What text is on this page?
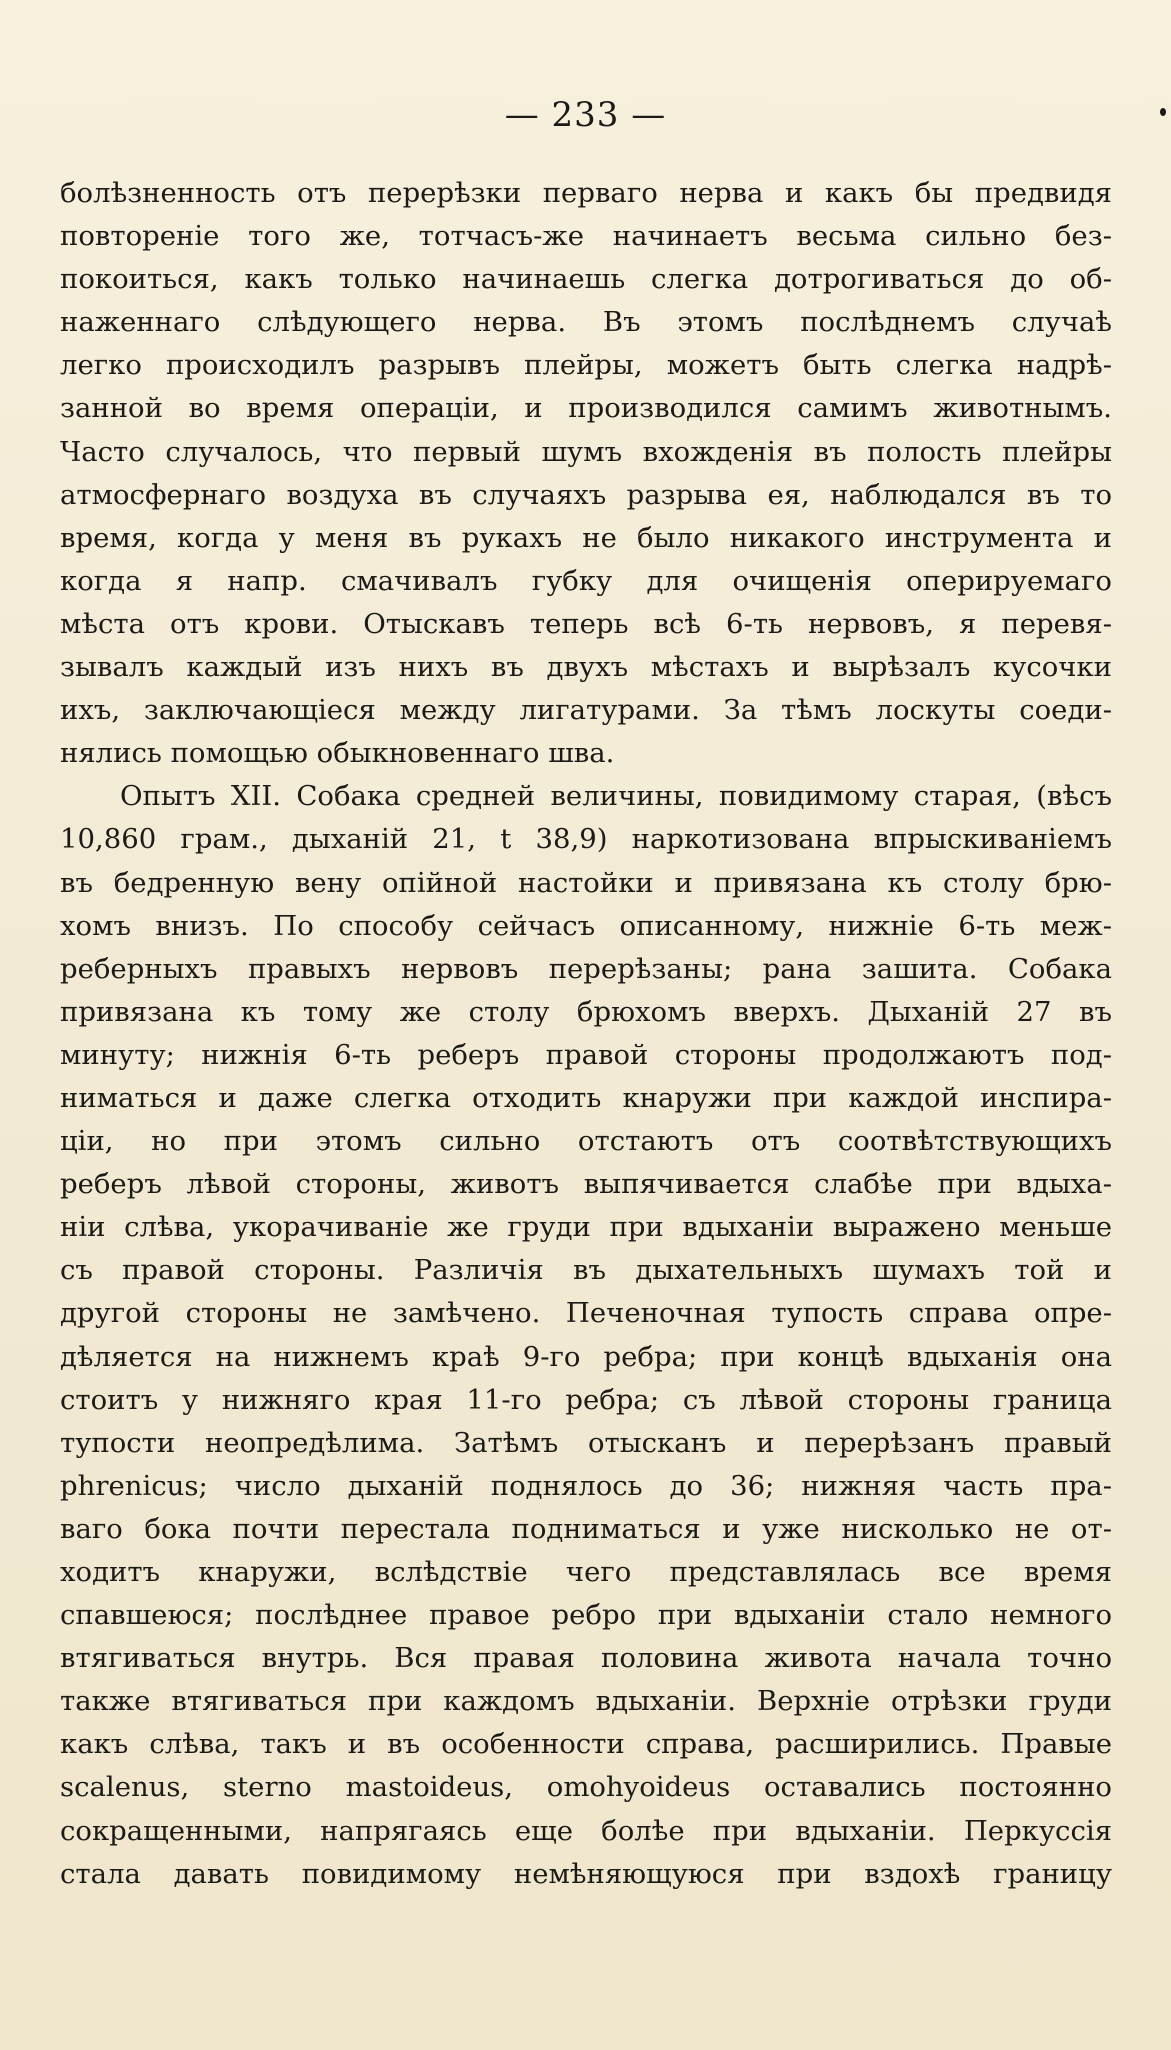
— 233 —
болѣзненность отъ перерѣзки перваго нерва и какъ бы предвидя
повтореніе того же, тотчасъ-же начинаетъ весьма сильно без-
покоиться, какъ только начинаешь слегка дотрогиваться до об-
наженнаго слѣдующего нерва. Въ этомъ послѣднемъ случаѣ
легко происходилъ разрывъ плейры, можетъ быть слегка надрѣ-
занной во время операціи, и производился самимъ животнымъ.
Часто случалось, что первый шумъ вхожденія въ полость плейры
атмосфернаго воздуха въ случаяхъ разрыва ея, наблюдался въ то
время, когда у меня въ рукахъ не было никакого инструмента и
когда я напр. смачивалъ губку для очищенія оперируемаго
мѣста отъ крови. Отыскавъ теперь всѣ 6-ть нервовъ, я перевя-
зывалъ каждый изъ нихъ въ двухъ мѣстахъ и вырѣзалъ кусочки
ихъ, заключающіеся между лигатурами. За тѣмъ лоскуты соеди-
нялись помощью обыкновеннаго шва.
Опытъ XII. Собака средней величины, повидимому старая, (вѣсъ
10,860 грам., дыханій 21, t 38,9) наркотизована впрыскиваніемъ
въ бедренную вену опійной настойки и привязана къ столу брю-
хомъ внизъ. По способу сейчасъ описанному, нижніе 6-ть меж-
реберныхъ правыхъ нервовъ перерѣзаны; рана зашита. Собака
привязана къ тому же столу брюхомъ вверхъ. Дыханій 27 въ
минуту; нижнія 6-ть реберъ правой стороны продолжаютъ под-
ниматься и даже слегка отходить кнаружи при каждой инспира-
ціи, но при этомъ сильно отстаютъ отъ соотвѣтствующихъ
реберъ лѣвой стороны, животъ выпячивается слабѣе при вдыха-
ніи слѣва, укорачиваніе же груди при вдыханіи выражено меньше
съ правой стороны. Различія въ дыхательныхъ шумахъ той и
другой стороны не замѣчено. Печеночная тупость справа опре-
дѣляется на нижнемъ краѣ 9-го ребра; при концѣ вдыханія она
стоитъ у нижняго края 11-го ребра; съ лѣвой стороны граница
тупости неопредѣлима. Затѣмъ отысканъ и перерѣзанъ правый
phrenicus; число дыханій поднялось до 36; нижняя часть пра-
ваго бока почти перестала подниматься и уже нисколько не от-
ходитъ кнаружи, вслѣдствіе чего представлялась все время
спавшеюся; послѣднее правое ребро при вдыханіи стало немного
втягиваться внутрь. Вся правая половина живота начала точно
также втягиваться при каждомъ вдыханіи. Верхніе отрѣзки груди
какъ слѣва, такъ и въ особенности справа, расширились. Правые
scalenus, sterno mastoideus, omohyoideus оставались постоянно
сокращенными, напрягаясь еще болѣе при вдыханіи. Перкуссія
стала давать повидимому немѣняющуюся при вздохѣ границу
